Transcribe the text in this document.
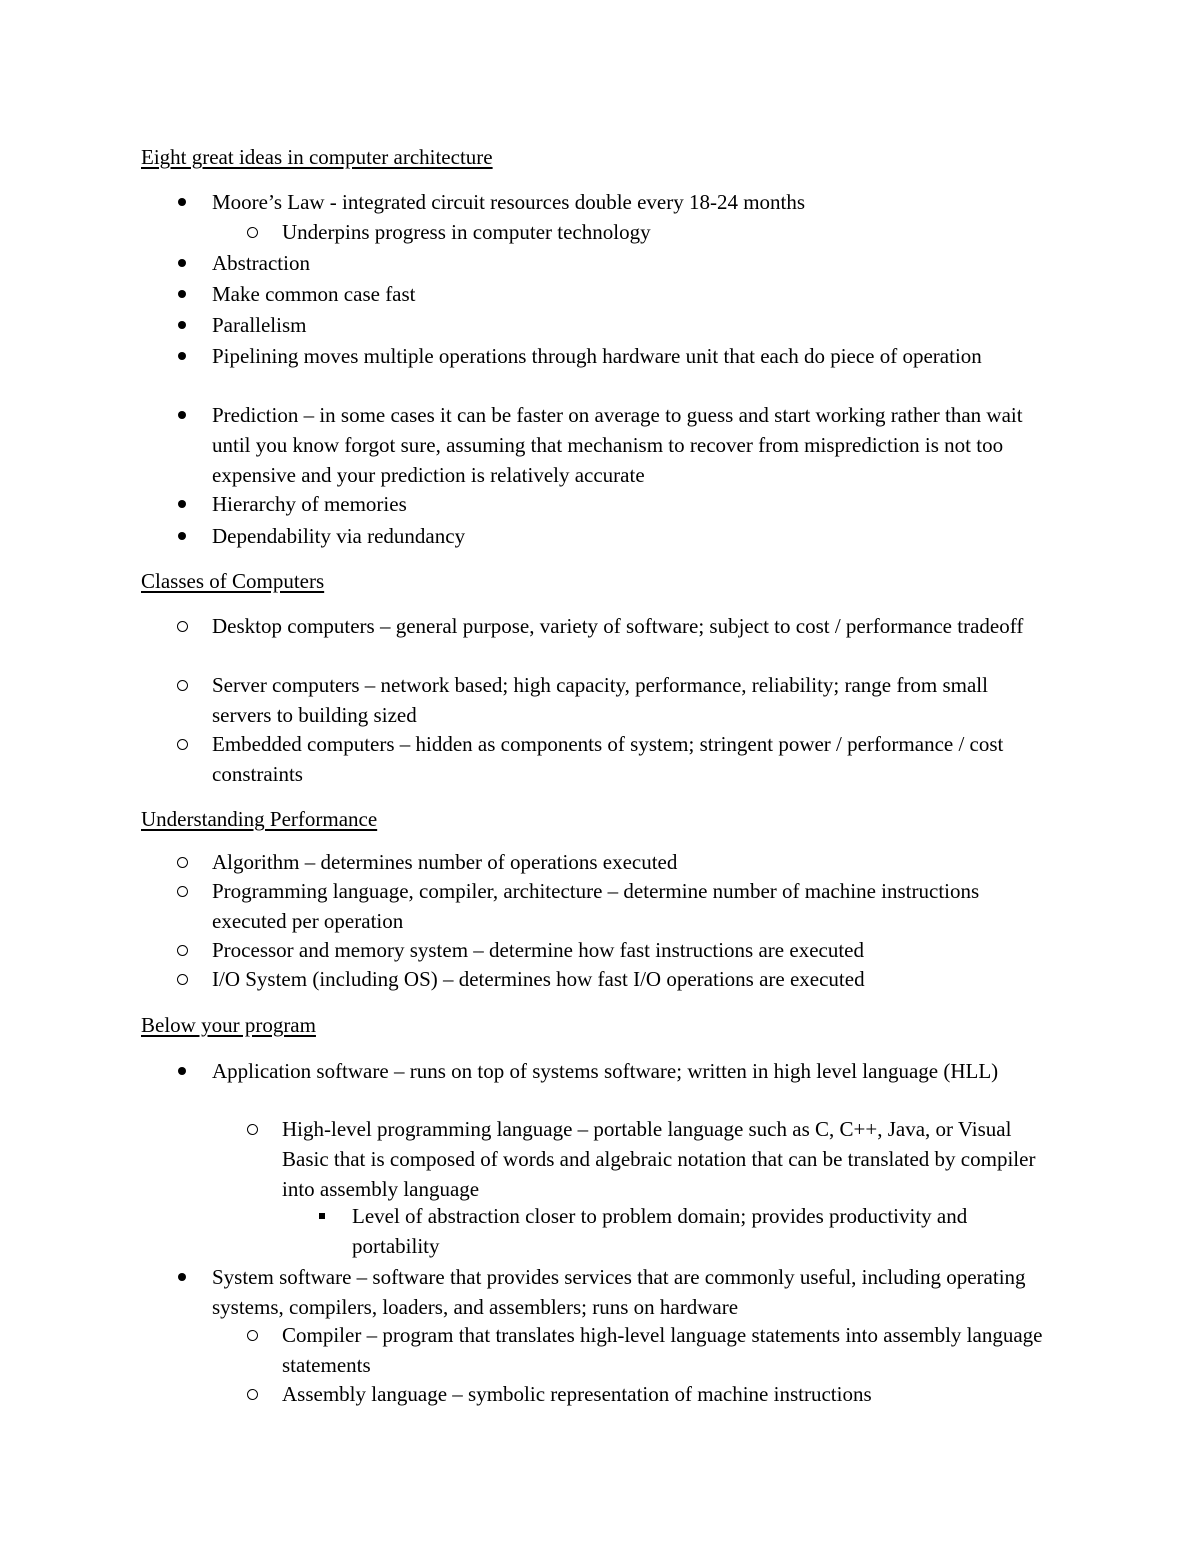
Eight great ideas in computer architecture
Moore’s Law - integrated circuit resources double every 18-24 months
Underpins progress in computer technology
Abstraction
Make common case fast
Parallelism
Pipelining moves multiple operations through hardware unit that each do piece of operation
Prediction – in some cases it can be faster on average to guess and start working rather than wait until you know forgot sure, assuming that mechanism to recover from misprediction is not too expensive and your prediction is relatively accurate
Hierarchy of memories
Dependability via redundancy
Classes of Computers
Desktop computers – general purpose, variety of software; subject to cost / performance tradeoff
Server computers – network based; high capacity, performance, reliability; range from small servers to building sized
Embedded computers – hidden as components of system; stringent power / performance / cost constraints
Understanding Performance
Algorithm – determines number of operations executed
Programming language, compiler, architecture – determine number of machine instructions executed per operation
Processor and memory system – determine how fast instructions are executed
I/O System (including OS) – determines how fast I/O operations are executed
Below your program
Application software – runs on top of systems software; written in high level language (HLL)
High-level programming language – portable language such as C, C++, Java, or Visual Basic that is composed of words and algebraic notation that can be translated by compiler into assembly language
Level of abstraction closer to problem domain; provides productivity and portability
System software – software that provides services that are commonly useful, including operating systems, compilers, loaders, and assemblers; runs on hardware
Compiler – program that translates high-level language statements into assembly language statements
Assembly language – symbolic representation of machine instructions
